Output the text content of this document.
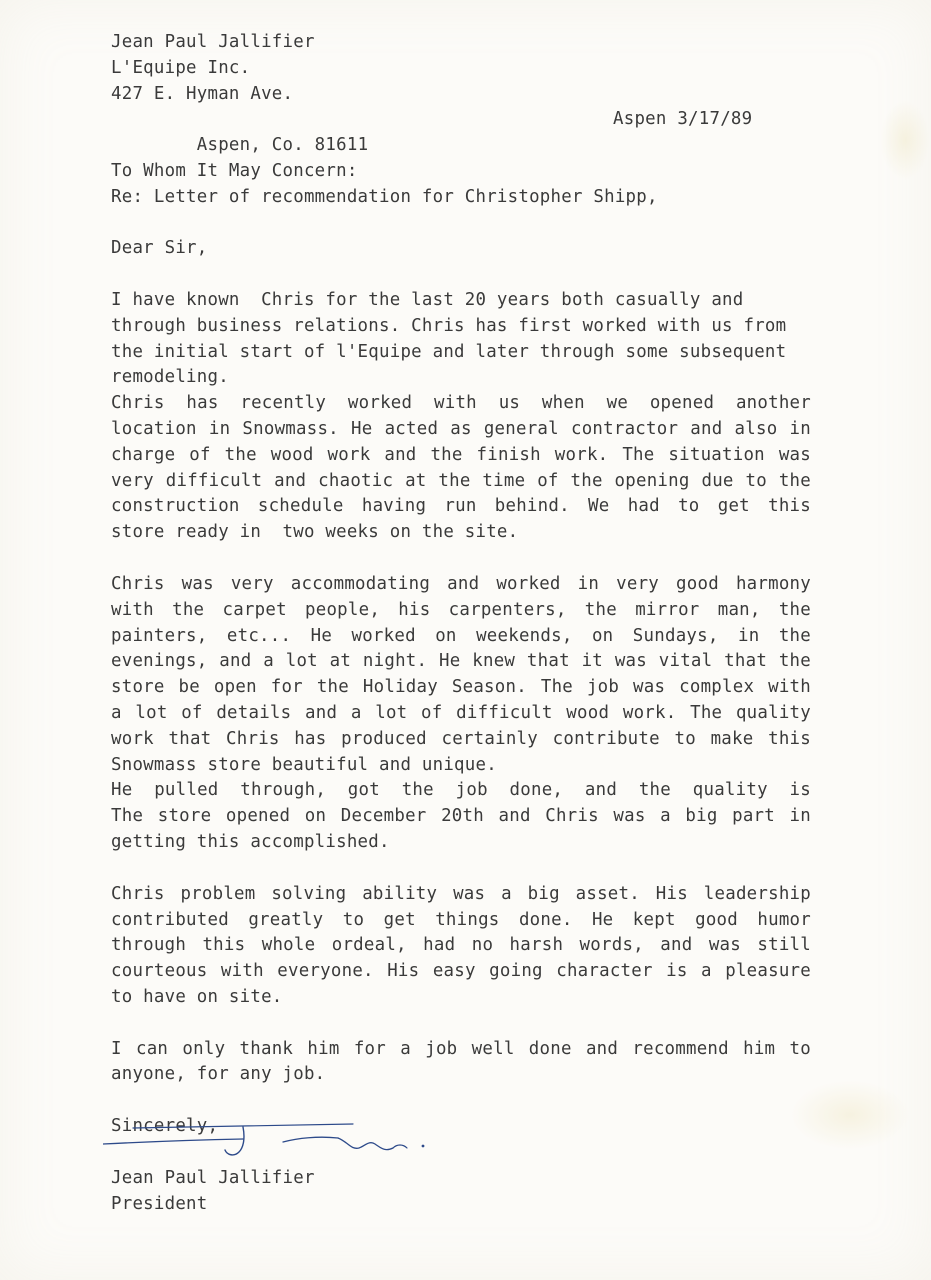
Jean Paul Jallifier
L'Equipe Inc.
427 E. Hyman Ave.

Aspen, Co. 81611

Aspen 3/17/89

To Whom It May Concern:
Re: Letter of recommendation for Christopher Shipp,
Dear Sir,
I have known  Chris for the last 20 years both casually and
through business relations. Chris has first worked with us from
the initial start of l'Equipe and later through some subsequent
remodeling.
Chris has recently worked with us when we opened another
location in Snowmass. He acted as general contractor and also in
charge of the wood work and the finish work. The situation was
very difficult and chaotic at the time of the opening due to the
construction schedule having run behind. We had to get this
store ready in  two weeks on the site.
Chris was very accommodating and worked in very good harmony
with the carpet people, his carpenters, the mirror man, the
painters, etc... He worked on weekends, on Sundays, in the
evenings, and a lot at night. He knew that it was vital that the
store be open for the Holiday Season. The job was complex with
a lot of details and a lot of difficult wood work. The quality
work that Chris has produced certainly contribute to make this
Snowmass store beautiful and unique.
He pulled through, got the job done, and the quality is
The store opened on December 20th and Chris was a big part in
getting this accomplished.
Chris problem solving ability was a big asset. His leadership
contributed greatly to get things done. He kept good humor
through this whole ordeal, had no harsh words, and was still
courteous with everyone. His easy going character is a pleasure
to have on site.
I can only thank him for a job well done and recommend him to
anyone, for any job.
Sincerely,
Jean Paul Jallifier
President
